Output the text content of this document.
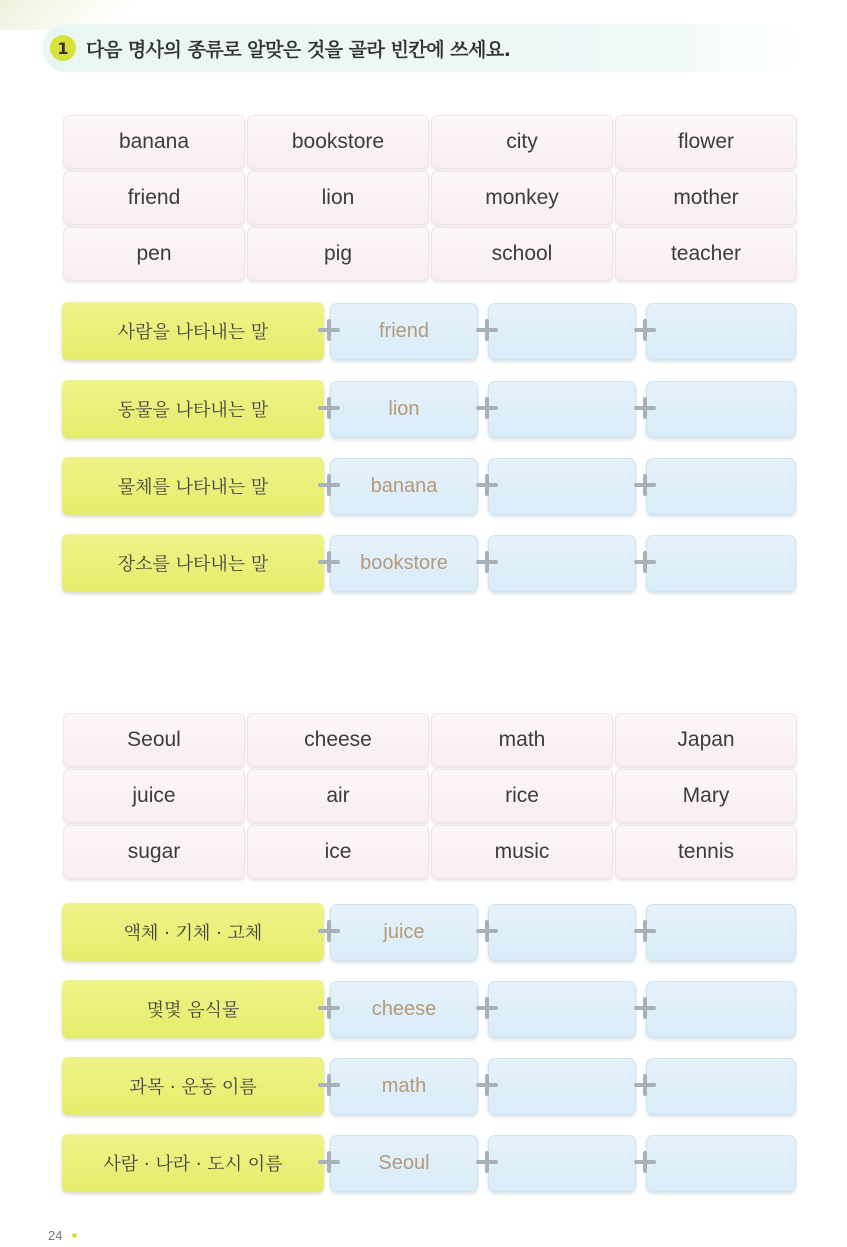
1 다음 명사의 종류로 알맞은 것을 골라 빈칸에 쓰세요.
banana	bookstore	city	flower
friend	lion	monkey	mother
pen	pig	school	teacher
사람을 나타내는 말	friend
동물을 나타내는 말	lion
물체를 나타내는 말	banana
장소를 나타내는 말	bookstore
Seoul	cheese	math	Japan
juice	air	rice	Mary
sugar	ice	music	tennis
액체 · 기체 · 고체	juice
몇몇 음식물	cheese
과목 · 운동 이름	math
사람 · 나라 · 도시 이름	Seoul
24
